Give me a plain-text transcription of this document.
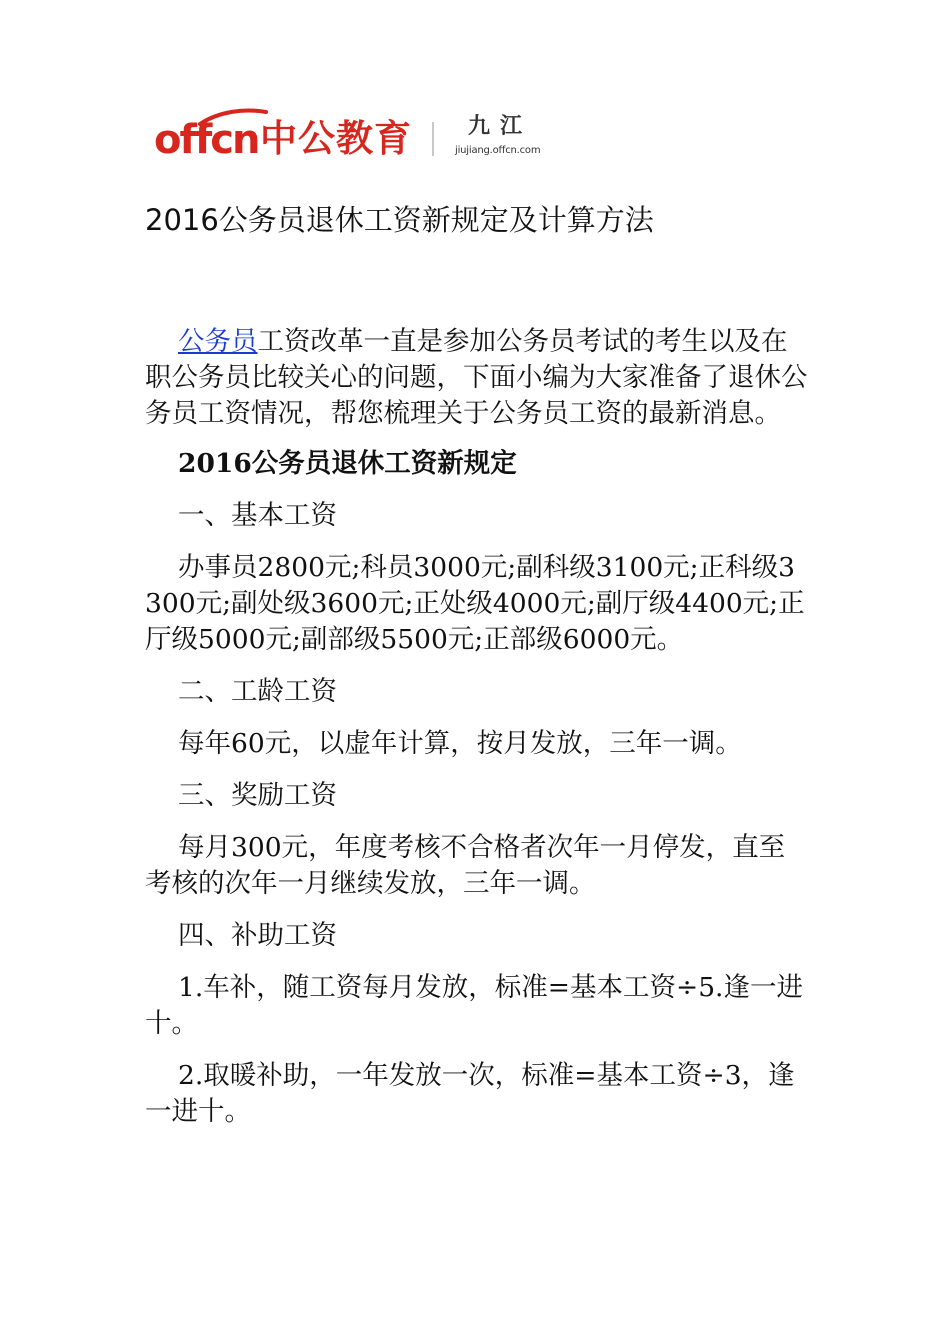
offcn 中公教育	九江
jiujiang.offcn.com
2016公务员退休工资新规定及计算方法

公务员工资改革一直是参加公务员考试的考生以及在职公务员比较关心的问题，下面小编为大家准备了退休公务员工资情况，帮您梳理关于公务员工资的最新消息。

2016公务员退休工资新规定

一、基本工资

办事员2800元;科员3000元;副科级3100元;正科级3300元;副处级3600元;正处级4000元;副厅级4400元;正厅级5000元;副部级5500元;正部级6000元。

二、工龄工资

每年60元，以虚年计算，按月发放，三年一调。

三、奖励工资

每月300元，年度考核不合格者次年一月停发，直至考核的次年一月继续发放，三年一调。

四、补助工资

1.车补，随工资每月发放，标准=基本工资÷5.逢一进十。

2.取暖补助，一年发放一次，标准=基本工资÷3，逢一进十。
